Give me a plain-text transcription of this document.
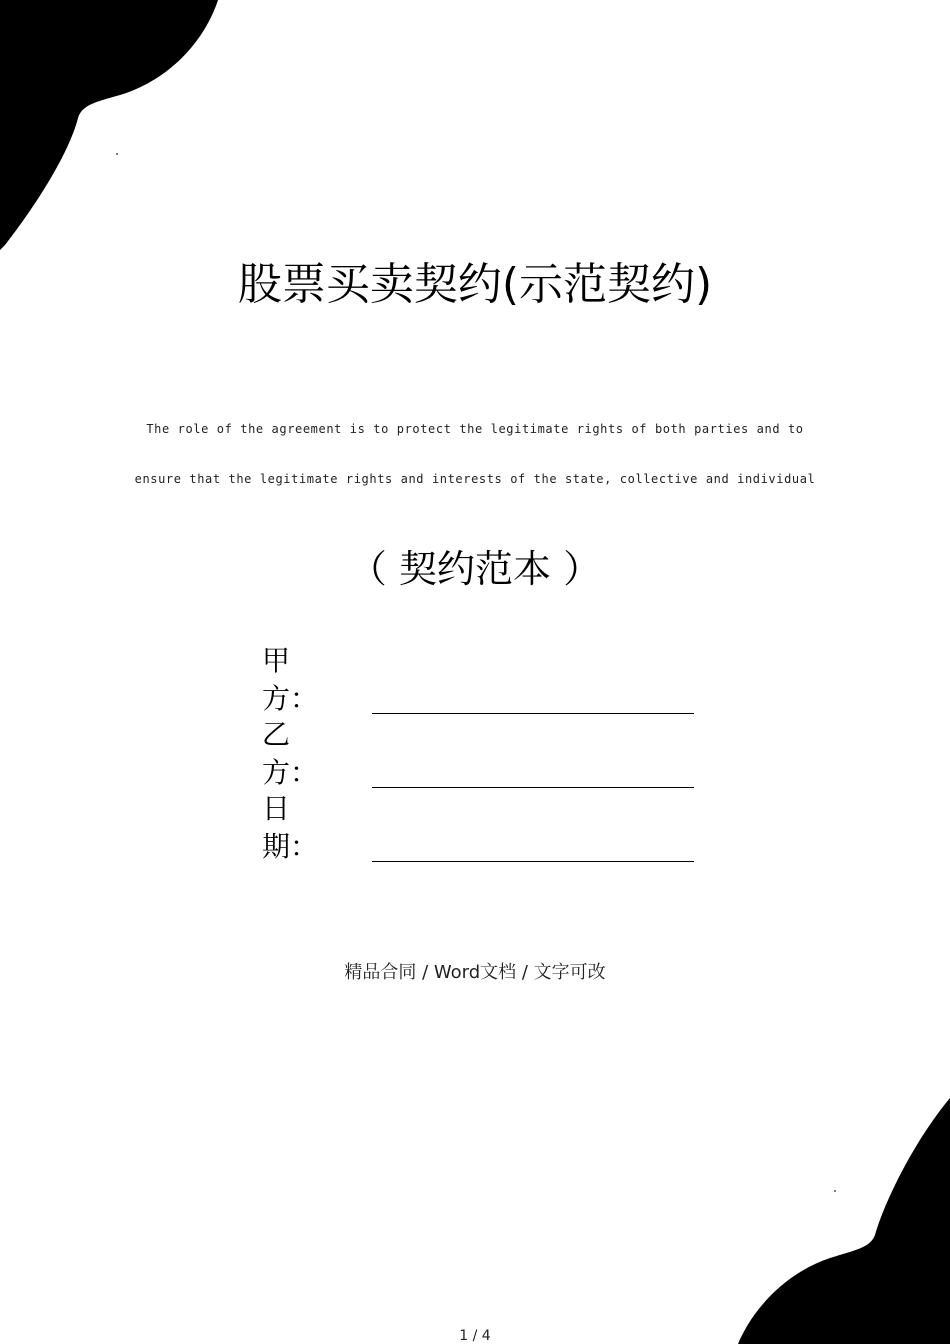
股票买卖契约(示范契约)
The role of the agreement is to protect the legitimate rights of both parties and to
ensure that the legitimate rights and interests of the state, collective and individual
（ 契约范本 ）
甲　方：
乙　方：
日　期：
精品合同 / Word文档 / 文字可改
1 / 4
